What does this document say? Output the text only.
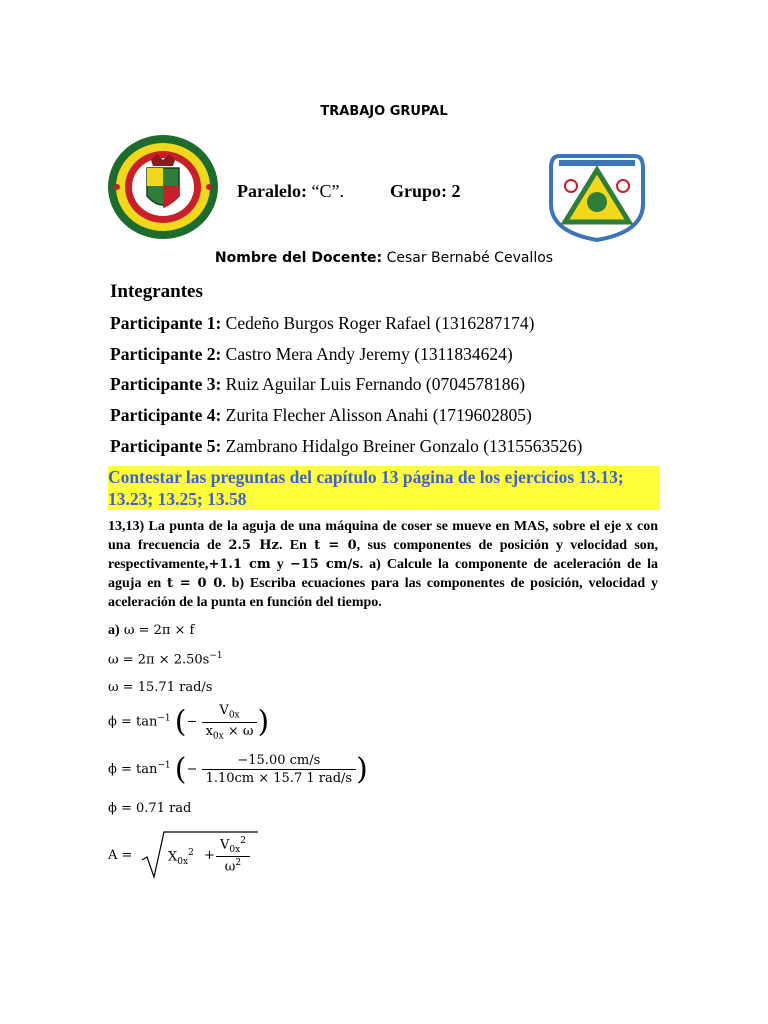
TRABAJO GRUPAL
Paralelo: “C”.	Grupo: 2
Nombre del Docente: Cesar Bernabé Cevallos
Integrantes
Participante 1: Cedeño Burgos Roger Rafael (1316287174)
Participante 2: Castro Mera Andy Jeremy (1311834624)
Participante 3: Ruiz Aguilar Luis Fernando (0704578186)
Participante 4: Zurita Flecher Alisson Anahi (1719602805)
Participante 5: Zambrano Hidalgo Breiner Gonzalo (1315563526)
Contestar las preguntas del capítulo 13 página de los ejercicios 13.13; 13.23; 13.25; 13.58
13,13) La punta de la aguja de una máquina de coser se mueve en MAS, sobre el eje x con una frecuencia de 2.5 Hz. En t = 0, sus componentes de posición y velocidad son, respectivamente,+1.1 cm y −15 cm/s. a) Calcule la componente de aceleración de la aguja en t = 0 0. b) Escriba ecuaciones para las componentes de posición, velocidad y aceleración de la punta en función del tiempo.
a) ω = 2π × f
$\omega = 2\pi \times 2.50s^{-1}$
ω = 15.71 rad/s
$\phi = \tan^{-1}$ (− $\frac{V_{0x}}{x_{0x} \times \omega}$ )
$\phi = \tan^{-1}$ (− $\frac{-15.00 cm/s}{\text{1.10cm × 15.7 1 rad/s}}$ )
ϕ = 0.71 rad
A =	$X_{0x}^2 + \frac{V_{0x}^2}{\omega^2}$
